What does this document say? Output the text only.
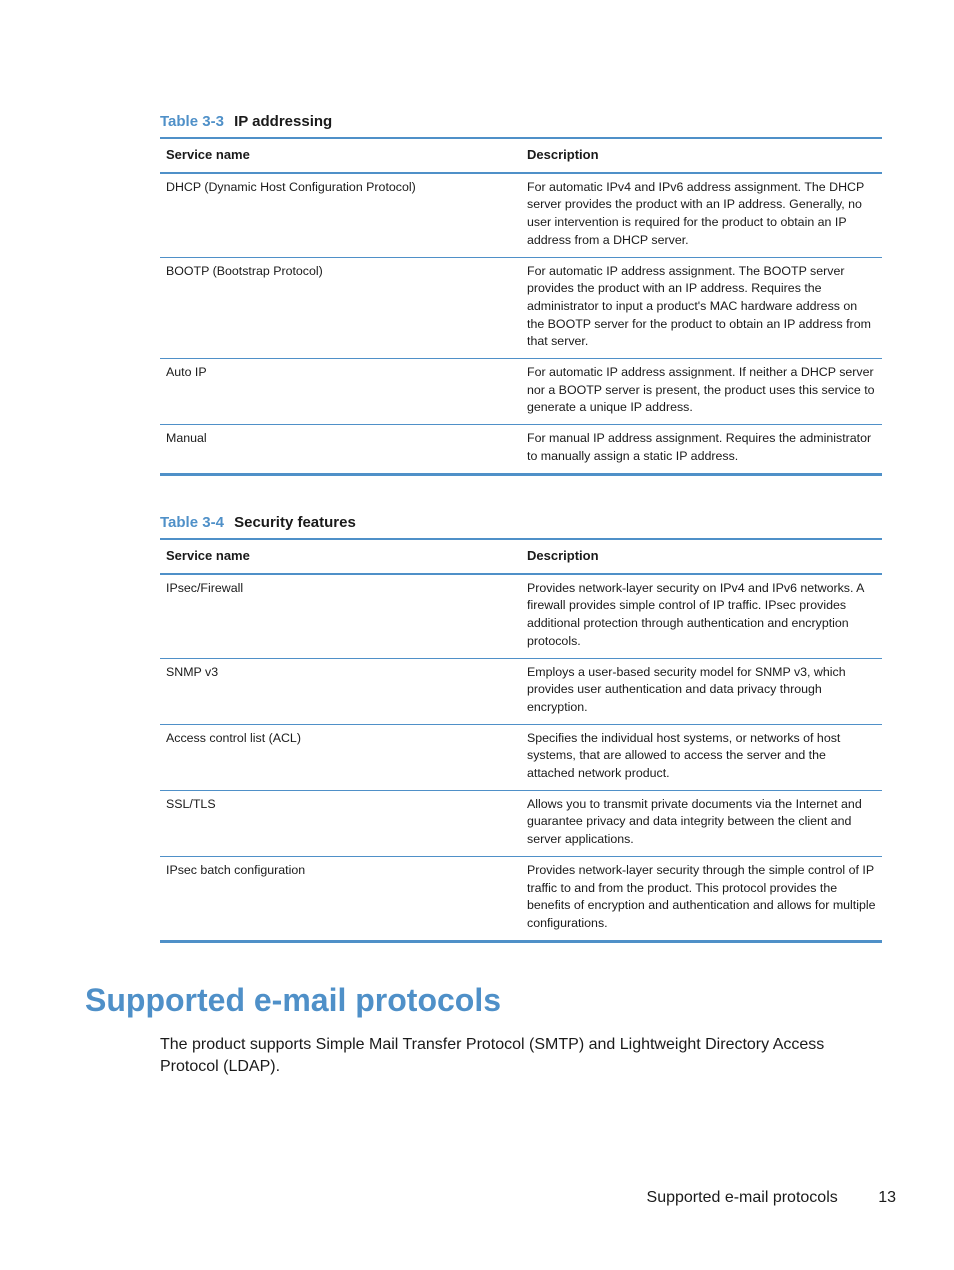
Table 3-3 IP addressing
Service name	Description
DHCP (Dynamic Host Configuration Protocol)	For automatic IPv4 and IPv6 address assignment. The DHCP server provides the product with an IP address. Generally, no user intervention is required for the product to obtain an IP address from a DHCP server.
BOOTP (Bootstrap Protocol)	For automatic IP address assignment. The BOOTP server provides the product with an IP address. Requires the administrator to input a product's MAC hardware address on the BOOTP server for the product to obtain an IP address from that server.
Auto IP	For automatic IP address assignment. If neither a DHCP server nor a BOOTP server is present, the product uses this service to generate a unique IP address.
Manual	For manual IP address assignment. Requires the administrator to manually assign a static IP address.
Table 3-4 Security features
Service name	Description
IPsec/Firewall	Provides network-layer security on IPv4 and IPv6 networks. A firewall provides simple control of IP traffic. IPsec provides additional protection through authentication and encryption protocols.
SNMP v3	Employs a user-based security model for SNMP v3, which provides user authentication and data privacy through encryption.
Access control list (ACL)	Specifies the individual host systems, or networks of host systems, that are allowed to access the server and the attached network product.
SSL/TLS	Allows you to transmit private documents via the Internet and guarantee privacy and data integrity between the client and server applications.
IPsec batch configuration	Provides network-layer security through the simple control of IP traffic to and from the product. This protocol provides the benefits of encryption and authentication and allows for multiple configurations.
Supported e-mail protocols

The product supports Simple Mail Transfer Protocol (SMTP) and Lightweight Directory Access Protocol (LDAP).

Supported e-mail protocols	13
